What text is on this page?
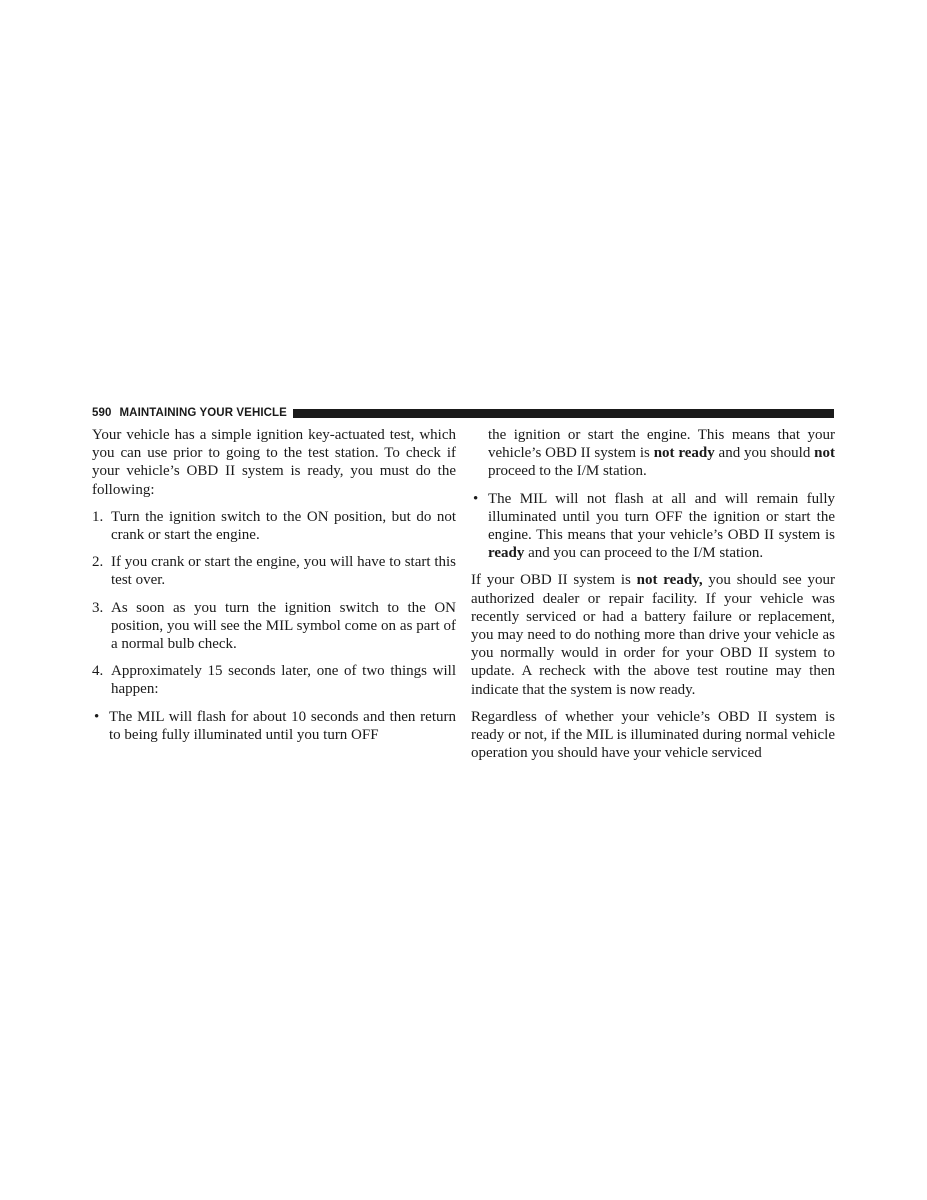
590 MAINTAINING YOUR VEHICLE

Your vehicle has a simple ignition key-actuated test, which you can use prior to going to the test station. To check if your vehicle’s OBD II system is ready, you must do the following:

1. Turn the ignition switch to the ON position, but do not crank or start the engine.
2. If you crank or start the engine, you will have to start this test over.
3. As soon as you turn the ignition switch to the ON position, you will see the MIL symbol come on as part of a normal bulb check.
4. Approximately 15 seconds later, one of two things will happen:
• The MIL will flash for about 10 seconds and then return to being fully illuminated until you turn OFF
the ignition or start the engine. This means that your vehicle’s OBD II system is not ready and you should not proceed to the I/M station.
• The MIL will not flash at all and will remain fully illuminated until you turn OFF the ignition or start the engine. This means that your vehicle’s OBD II system is ready and you can proceed to the I/M station.

If your OBD II system is not ready, you should see your authorized dealer or repair facility. If your vehicle was recently serviced or had a battery failure or replacement, you may need to do nothing more than drive your vehicle as you normally would in order for your OBD II system to update. A recheck with the above test routine may then indicate that the system is now ready.

Regardless of whether your vehicle’s OBD II system is ready or not, if the MIL is illuminated during normal vehicle operation you should have your vehicle serviced
